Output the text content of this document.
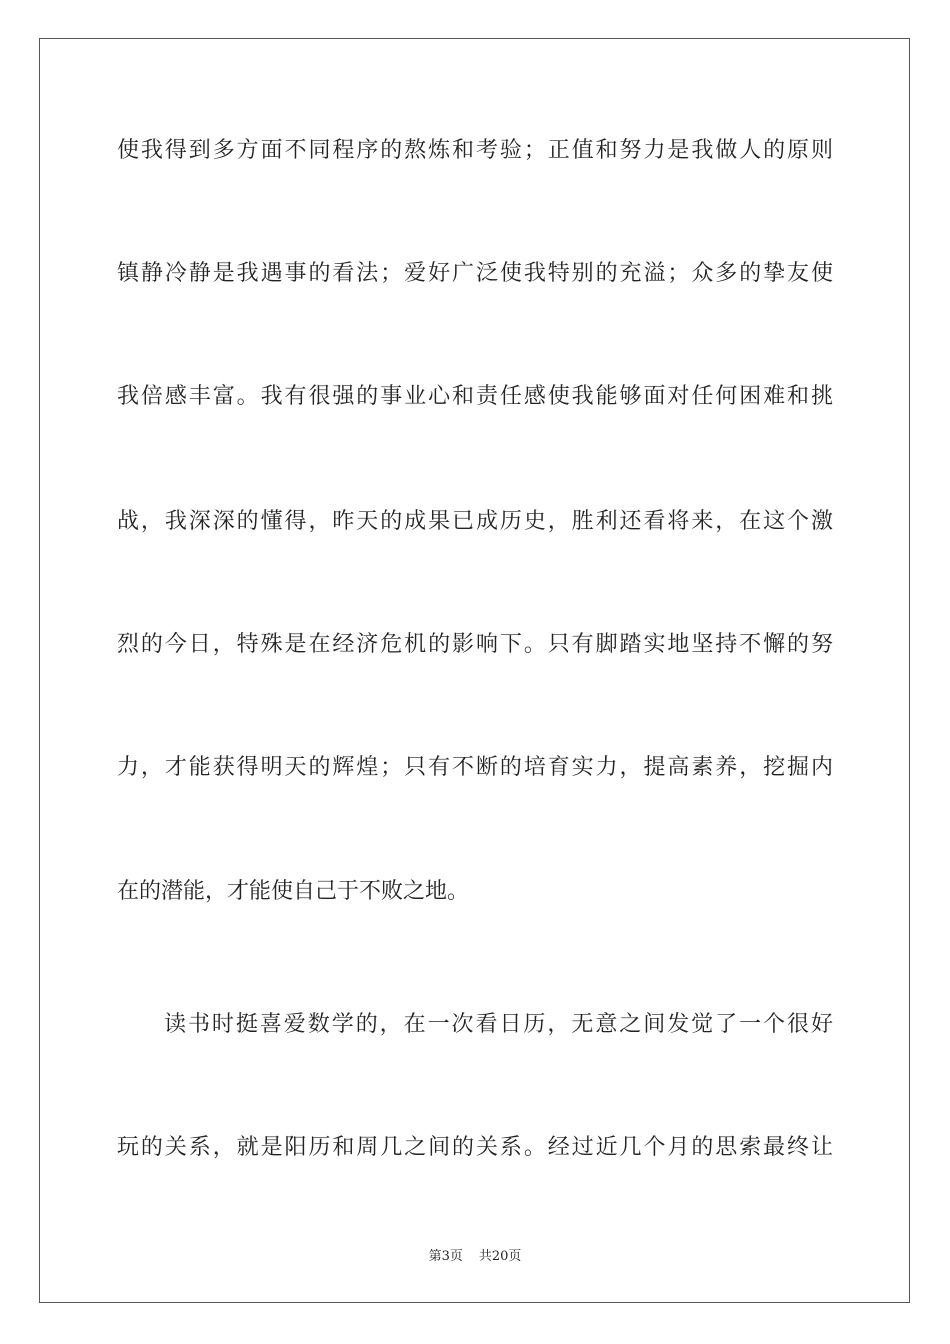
使我得到多方面不同程序的熬炼和考验；正值和努力是我做人的原则
镇静冷静是我遇事的看法；爱好广泛使我特别的充溢；众多的挚友使
我倍感丰富。我有很强的事业心和责任感使我能够面对任何困难和挑
战，我深深的懂得，昨天的成果已成历史，胜利还看将来，在这个激
烈的今日，特殊是在经济危机的影响下。只有脚踏实地坚持不懈的努
力，才能获得明天的辉煌；只有不断的培育实力，提高素养，挖掘内
在的潜能，才能使自己于不败之地。
读书时挺喜爱数学的，在一次看日历，无意之间发觉了一个很好
玩的关系，就是阳历和周几之间的关系。经过近几个月的思索最终让
第3页 共20页
